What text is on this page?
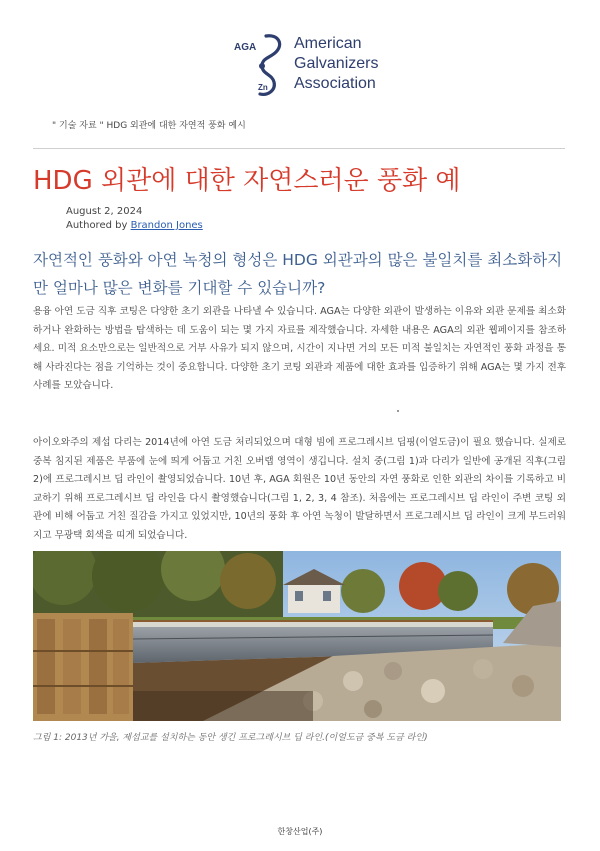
AGA
Zn
American
Galvanizers
Association
" 기술 자료 " HDG 외관에 대한 자연적 풍화 예시
HDG 외관에 대한 자연스러운 풍화 예
August 2, 2024
Authored by Brandon Jones
자연적인 풍화와 아연 녹청의 형성은 HDG 외관과의 많은 불일치를 최소화하지만 얼마나 많은 변화를 기대할 수 있습니까?
용융 아연 도금 직후 코팅은 다양한 초기 외관을 나타낼 수 있습니다. AGA는 다양한 외관이 발생하는 이유와 외관 문제를 최소화하거나 완화하는 방법을 탐색하는 데 도움이 되는 몇 가지 자료를 제작했습니다. 자세한 내용은 AGA의 외관 웹페이지를 참조하세요. 미적 요소만으로는 일반적으로 거부 사유가 되지 않으며, 시간이 지나면 거의 모든 미적 불일치는 자연적인 풍화 과정을 통해 사라진다는 점을 기억하는 것이 중요합니다. 다양한 초기 코팅 외관과 제품에 대한 효과를 입증하기 위해 AGA는 몇 가지 전후 사례를 모았습니다.
아이오와주의 제섭 다리는 2014년에 아연 도금 처리되었으며 대형 빔에 프로그레시브 딥핑(이얼도금)이 필요 했습니다. 실제로 중복 침지된 제품은 부품에 눈에 띄게 어둡고 거친 오버랩 영역이 생깁니다. 설치 중(그림 1)과 다리가 일반에 공개된 직후(그림 2)에 프로그레시브 딥 라인이 촬영되었습니다. 10년 후, AGA 회원은 10년 동안의 자연 풍화로 인한 외관의 차이를 기록하고 비교하기 위해 프로그레시브 딥 라인을 다시 촬영했습니다(그림 1, 2, 3, 4 참조). 처음에는 프로그레시브 딥 라인이 주변 코팅 외관에 비해 어둡고 거친 질감을 가지고 있었지만, 10년의 풍화 후 아연 녹청이 발달하면서 프로그레시브 딥 라인이 크게 부드러워지고 무광택 회색을 띠게 되었습니다.
그림 1: 2013년 가을, 제섭교를 설치하는 동안 생긴 프로그레시브 딥 라인.(이얼도금 중복 도금 라인)
한창산업(주)
